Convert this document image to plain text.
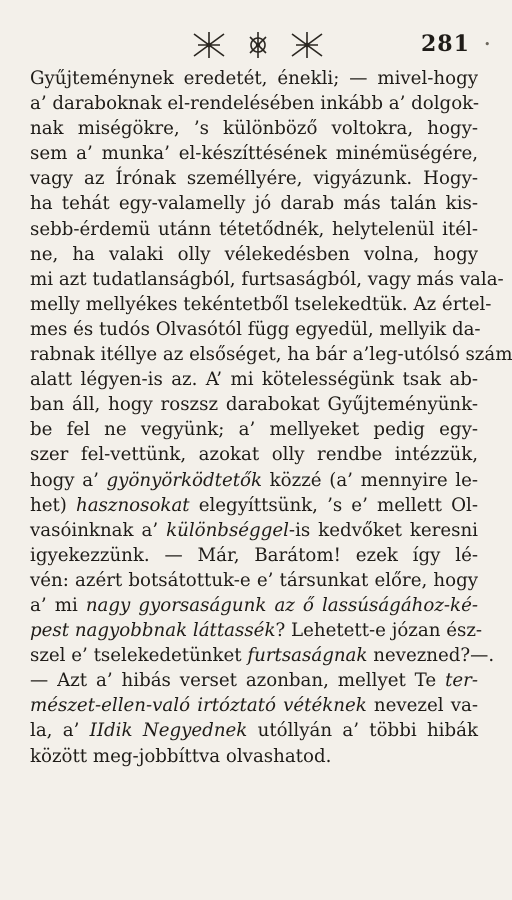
281 •
Gyűjteménynek eredetét, énekli; — mivel-hogy
a’ daraboknak el-rendelésében inkább a’ dolgok-
nak miségökre, ’s különböző voltokra, hogy-
sem a’ munka’ el-készíttésének minémüségére,
vagy az Írónak személlyére, vigyázunk. Hogy-
ha tehát egy-valamelly jó darab más talán kis-
sebb-érdemü utánn tétetődnék, helytelenül itél-
ne, ha valaki olly vélekedésben volna, hogy
mi azt tudatlanságból, furtsaságból, vagy más vala-
melly mellyékes tekéntetből tselekedtük. Az értel-
mes és tudós Olvasótól függ egyedül, mellyik da-
rabnak itéllye az elsőséget, ha bár a’leg-utólsó szám
alatt légyen-is az. A’ mi kötelességünk tsak ab-
ban áll, hogy roszsz darabokat Gyűjteményünk-
be fel ne vegyünk; a’ mellyeket pedig egy-
szer fel-vettünk, azokat olly rendbe intézzük,
hogy a’ gyönyörködtetők közzé (a’ mennyire le-
het) hasznosokat elegyíttsünk, ’s e’ mellett Ol-
vasóinknak a’ különbséggel-is kedvőket keresni
igyekezzünk. — Már, Barátom! ezek így lé-
vén: azért botsátottuk-e e’ társunkat előre, hogy
a’ mi nagy gyorsaságunk az ő lassúságához-ké-
pest nagyobbnak láttassék? Lehetett-e józan ész-
szel e’ tselekedetünket furtsaságnak nevezned?—.
— Azt a’ hibás verset azonban, mellyet Te ter-
mészet-ellen-való irtóztató vétéknek nevezel va-
la, a’ IIdik Negyednek utóllyán a’ többi hibák
között meg-jobbíttva olvashatod.
